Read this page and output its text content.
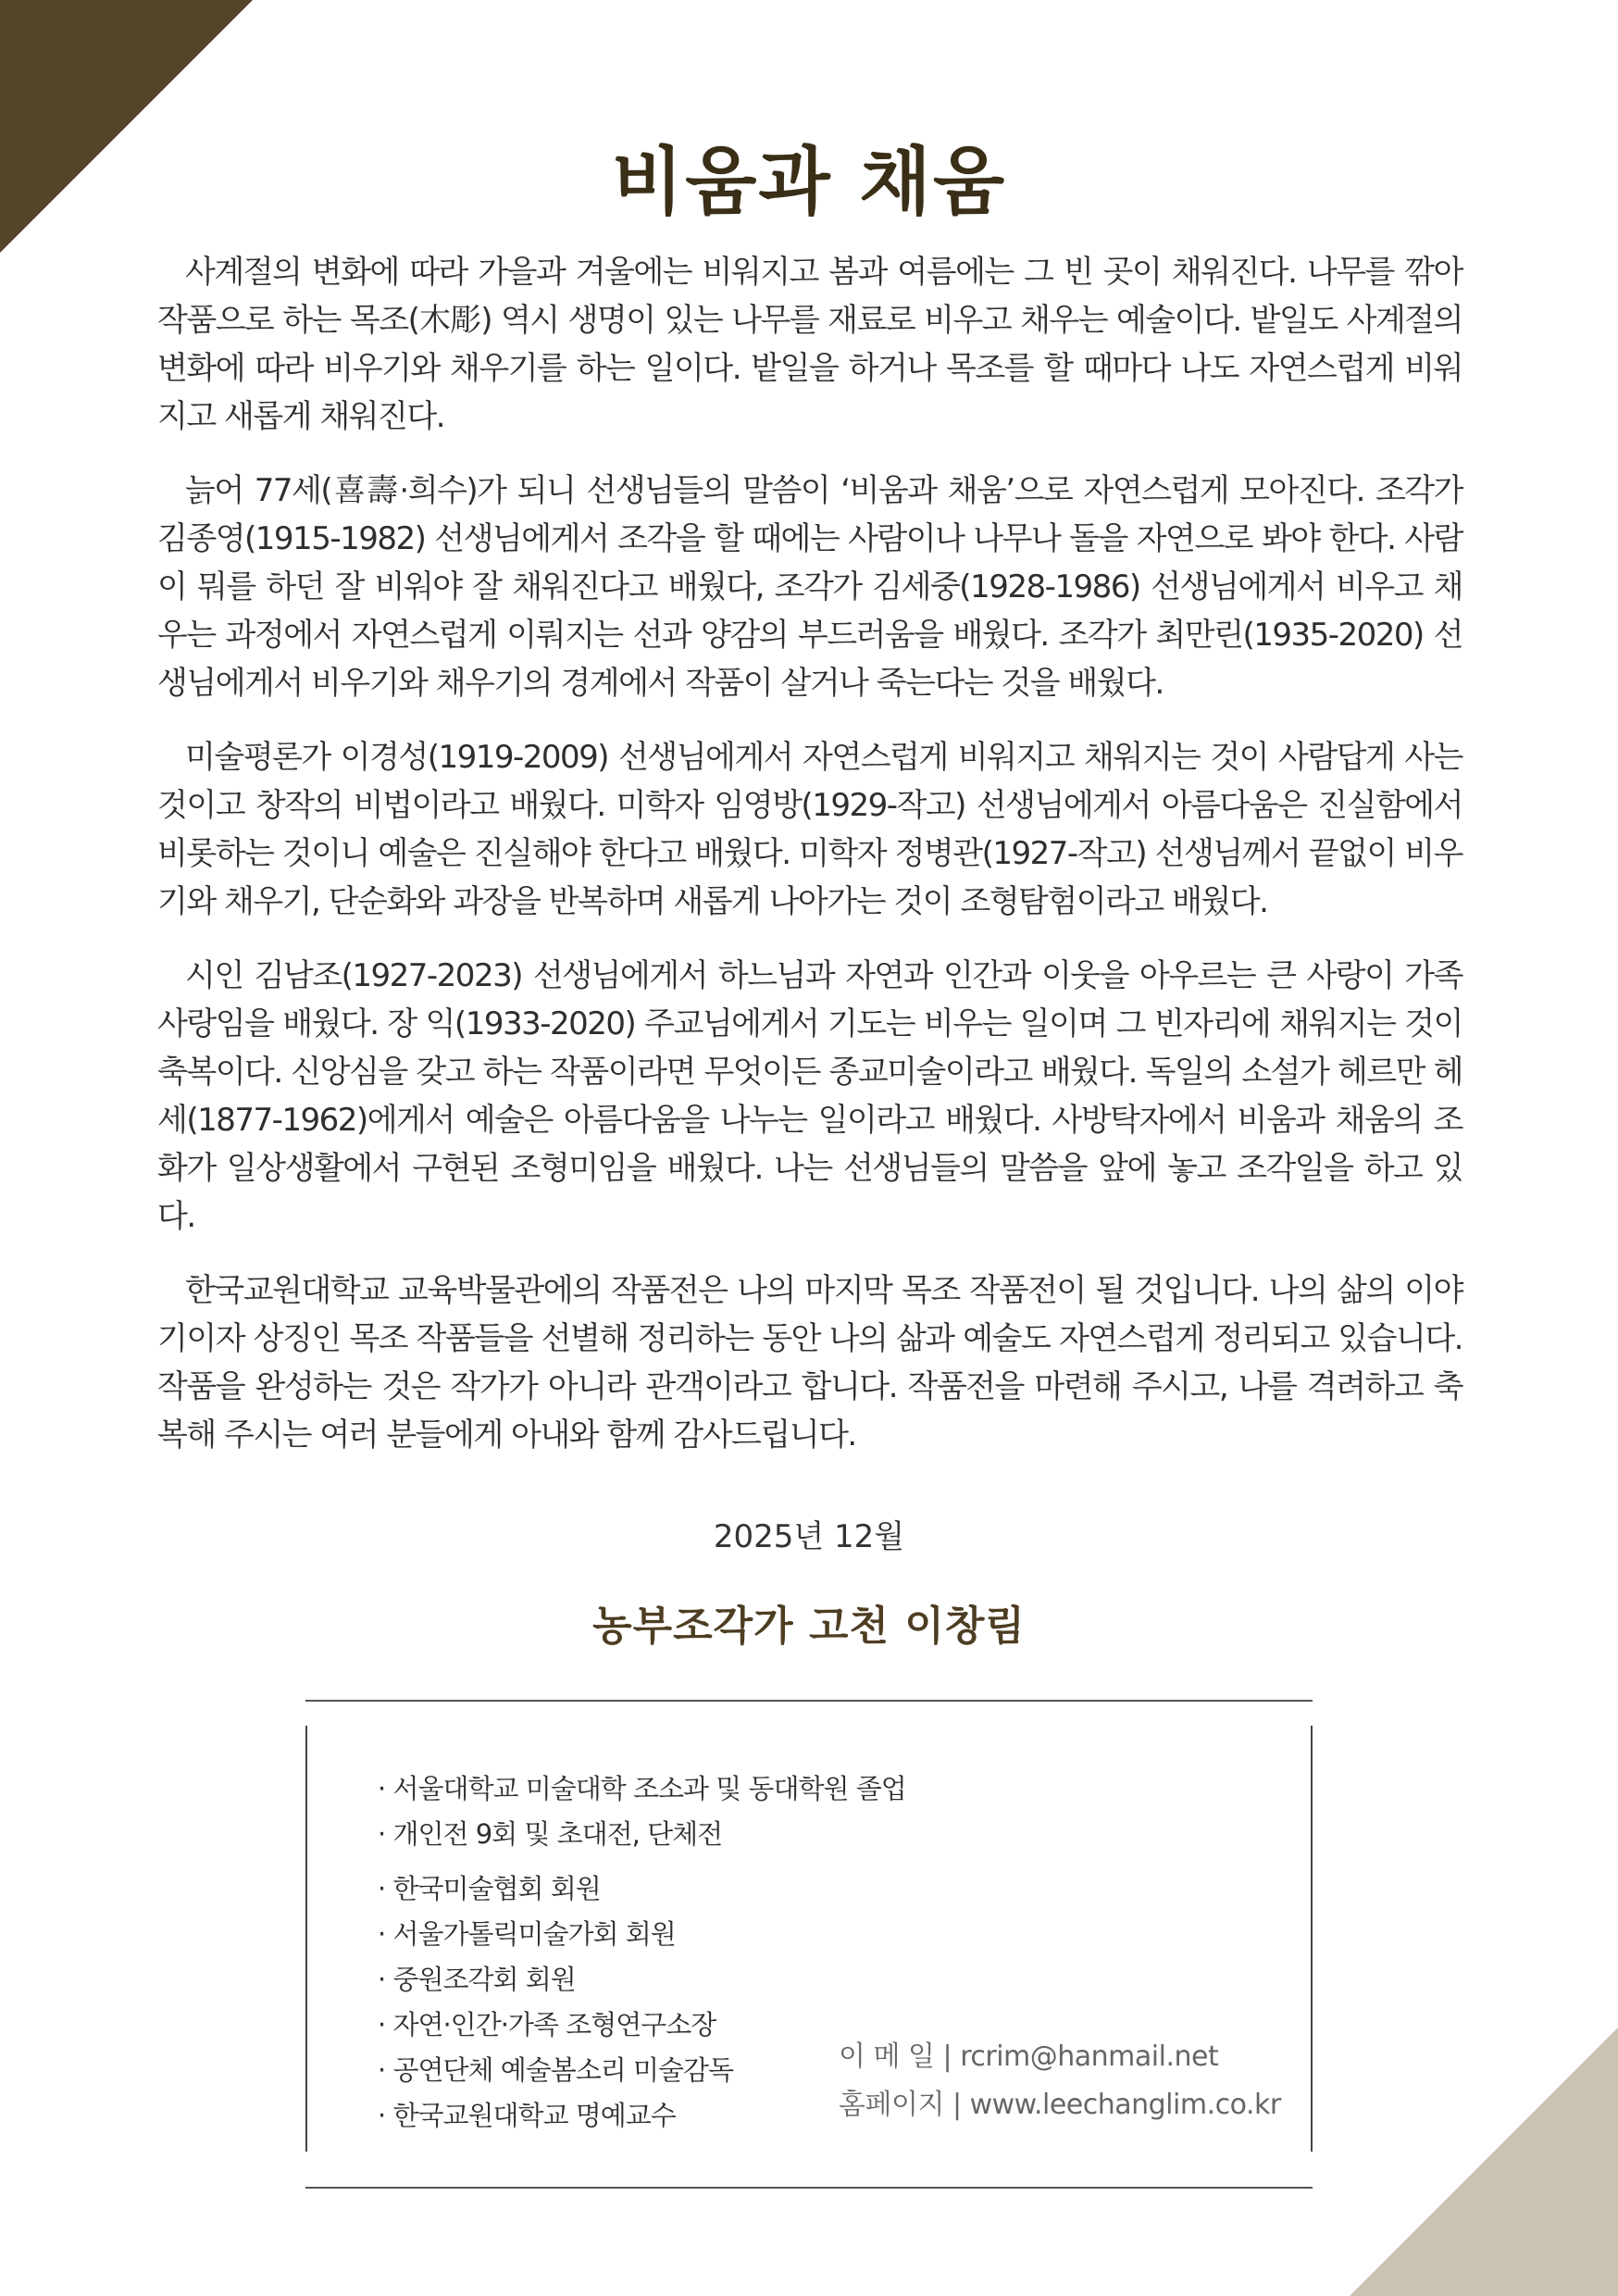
비움과 채움

사계절의 변화에 따라 가을과 겨울에는 비워지고 봄과 여름에는 그 빈 곳이 채워진다. 나무를 깎아 작품으로 하는 목조(木彫) 역시 생명이 있는 나무를 재료로 비우고 채우는 예술이다. 밭일도 사계절의 변화에 따라 비우기와 채우기를 하는 일이다. 밭일을 하거나 목조를 할 때마다 나도 자연스럽게 비워지고 새롭게 채워진다.

늙어 77세(喜壽·희수)가 되니 선생님들의 말씀이 ‘비움과 채움’으로 자연스럽게 모아진다. 조각가 김종영(1915-1982) 선생님에게서 조각을 할 때에는 사람이나 나무나 돌을 자연으로 봐야 한다. 사람이 뭐를 하던 잘 비워야 잘 채워진다고 배웠다, 조각가 김세중(1928-1986) 선생님에게서 비우고 채우는 과정에서 자연스럽게 이뤄지는 선과 양감의 부드러움을 배웠다. 조각가 최만린(1935-2020) 선생님에게서 비우기와 채우기의 경계에서 작품이 살거나 죽는다는 것을 배웠다.

미술평론가 이경성(1919-2009) 선생님에게서 자연스럽게 비워지고 채워지는 것이 사람답게 사는 것이고 창작의 비법이라고 배웠다. 미학자 임영방(1929-작고) 선생님에게서 아름다움은 진실함에서 비롯하는 것이니 예술은 진실해야 한다고 배웠다. 미학자 정병관(1927-작고) 선생님께서 끝없이 비우기와 채우기, 단순화와 과장을 반복하며 새롭게 나아가는 것이 조형탐험이라고 배웠다.

시인 김남조(1927-2023) 선생님에게서 하느님과 자연과 인간과 이웃을 아우르는 큰 사랑이 가족사랑임을 배웠다. 장 익(1933-2020) 주교님에게서 기도는 비우는 일이며 그 빈자리에 채워지는 것이 축복이다. 신앙심을 갖고 하는 작품이라면 무엇이든 종교미술이라고 배웠다. 독일의 소설가 헤르만 헤세(1877-1962)에게서 예술은 아름다움을 나누는 일이라고 배웠다. 사방탁자에서 비움과 채움의 조화가 일상생활에서 구현된 조형미임을 배웠다. 나는 선생님들의 말씀을 앞에 놓고 조각일을 하고 있다.

한국교원대학교 교육박물관에의 작품전은 나의 마지막 목조 작품전이 될 것입니다. 나의 삶의 이야기이자 상징인 목조 작품들을 선별해 정리하는 동안 나의 삶과 예술도 자연스럽게 정리되고 있습니다. 작품을 완성하는 것은 작가가 아니라 관객이라고 합니다. 작품전을 마련해 주시고, 나를 격려하고 축복해 주시는 여러 분들에게 아내와 함께 감사드립니다.

2025년 12월
농부조각가 고천 이창림
· 서울대학교 미술대학 조소과 및 동대학원 졸업
· 개인전 9회 및 초대전, 단체전
· 한국미술협회 회원
· 서울가톨릭미술가회 회원
· 중원조각회 회원
· 자연·인간·가족 조형연구소장
· 공연단체 예술봄소리 미술감독
· 한국교원대학교 명예교수
이 메 일 | rcrim@hanmail.net
홈페이지 | www.leechanglim.co.kr
